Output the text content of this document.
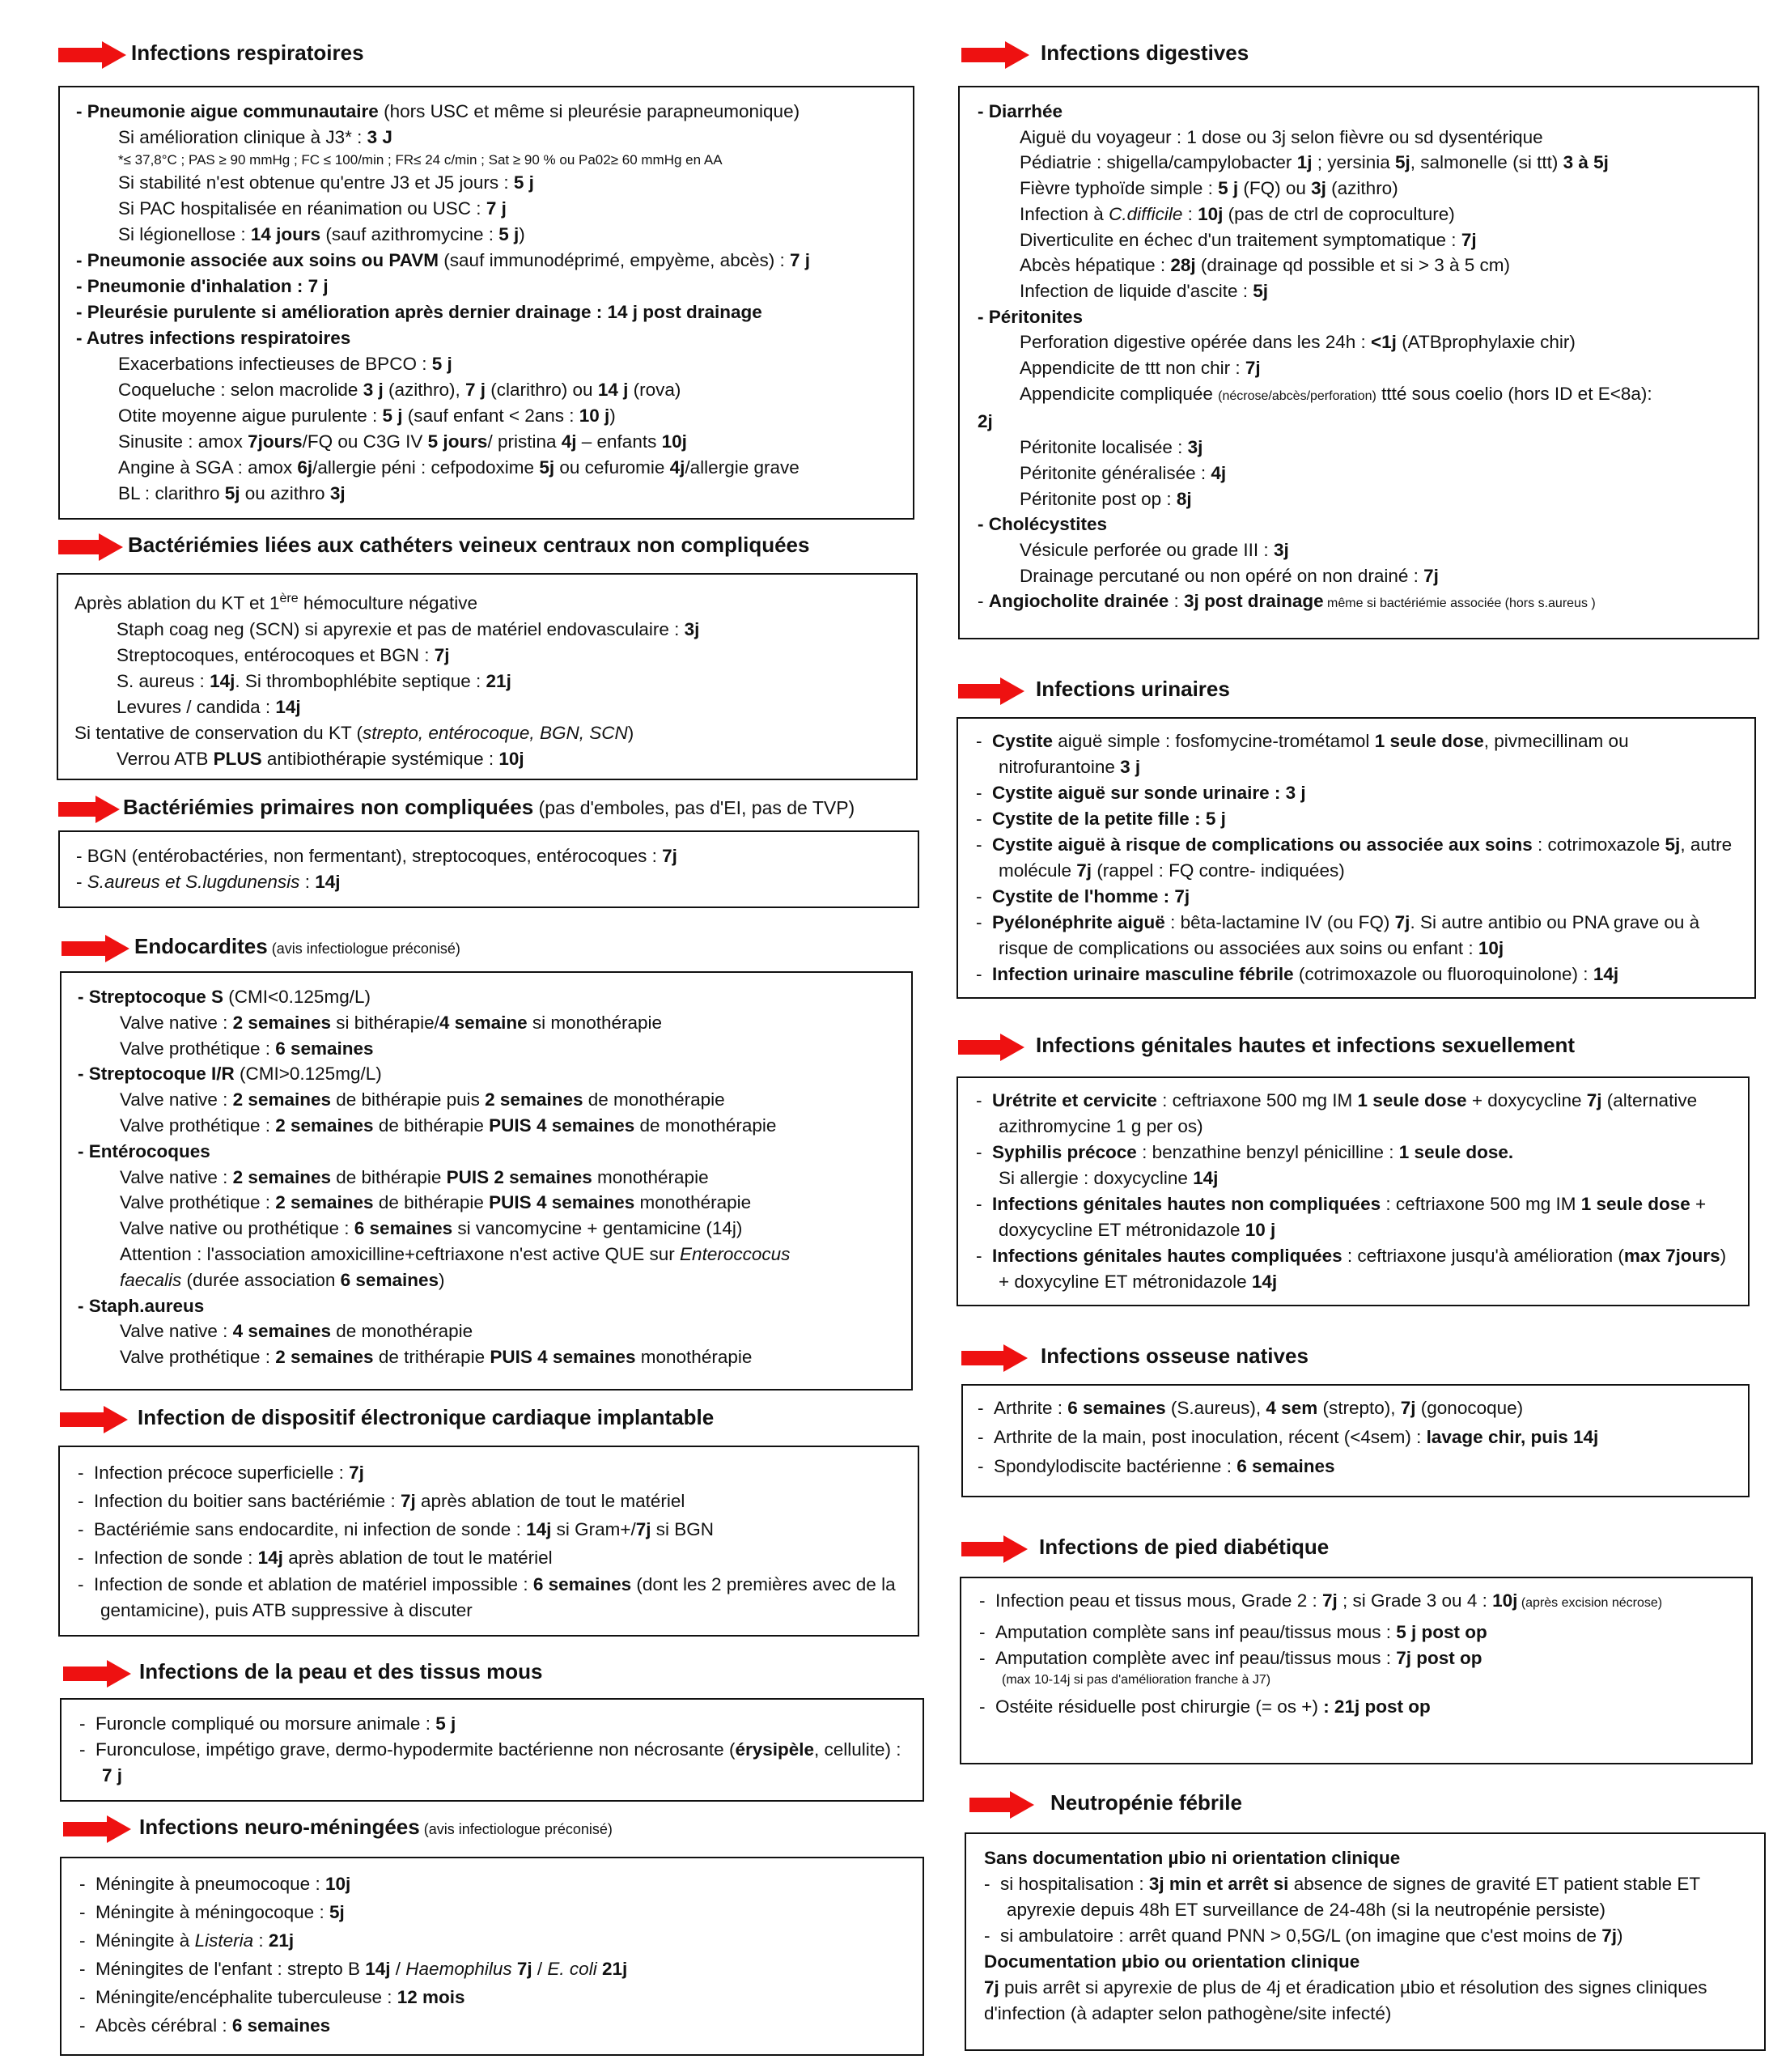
Infections respiratoires
- Pneumonie aigue communautaire (hors USC et même si pleurésie parapneumonique)
Si amélioration clinique à J3* : 3 J
*≤ 37,8°C ; PAS ≥ 90 mmHg ; FC ≤ 100/min ; FR≤ 24 c/min ; Sat ≥ 90 % ou Pa02≥ 60 mmHg en AA
Si stabilité n'est obtenue qu'entre J3 et J5 jours : 5 j
Si PAC hospitalisée en réanimation ou USC : 7 j
Si légionellose : 14 jours (sauf azithromycine : 5 j)
- Pneumonie associée aux soins ou PAVM (sauf immunodéprimé, empyème, abcès) : 7 j
- Pneumonie d'inhalation : 7 j
- Pleurésie purulente si amélioration après dernier drainage : 14 j post drainage
- Autres infections respiratoires
Exacerbations infectieuses de BPCO : 5 j
Coqueluche : selon macrolide 3 j (azithro), 7 j (clarithro) ou 14 j (rova)
Otite moyenne aigue purulente : 5 j (sauf enfant < 2ans : 10 j)
Sinusite : amox 7jours/FQ ou C3G IV 5 jours/ pristina 4j – enfants 10j
Angine à SGA : amox 6j/allergie péni : cefpodoxime 5j ou cefuromie 4j/allergie grave
BL : clarithro 5j ou azithro 3j
Bactériémies liées aux cathéters veineux centraux non compliquées
Après ablation du KT et 1ère hémoculture négative
Staph coag neg (SCN) si apyrexie et pas de matériel endovasculaire : 3j
Streptocoques, entérocoques et BGN : 7j
S. aureus : 14j. Si thrombophlébite septique : 21j
Levures / candida : 14j
Si tentative de conservation du KT (strepto, entérocoque, BGN, SCN)
Verrou ATB PLUS antibiothérapie systémique : 10j
Bactériémies primaires non compliquées (pas d'emboles, pas d'EI, pas de TVP)
- BGN (entérobactéries, non fermentant), streptocoques, entérocoques : 7j
- S.aureus et S.lugdunensis : 14j
Endocardites (avis infectiologue préconisé)
- Streptocoque S (CMI<0.125mg/L)
Valve native : 2 semaines si bithérapie/4 semaine si monothérapie
Valve prothétique : 6 semaines
- Streptocoque I/R (CMI>0.125mg/L)
Valve native : 2 semaines de bithérapie puis 2 semaines de monothérapie
Valve prothétique : 2 semaines de bithérapie PUIS 4 semaines de monothérapie
- Entérocoques
Valve native : 2 semaines de bithérapie PUIS 2 semaines monothérapie
Valve prothétique : 2 semaines de bithérapie PUIS 4 semaines monothérapie
Valve native ou prothétique : 6 semaines si vancomycine + gentamicine (14j)
Attention : l'association amoxicilline+ceftriaxone n'est active QUE sur Enteroccocus
faecalis (durée association 6 semaines)
- Staph.aureus
Valve native : 4 semaines de monothérapie
Valve prothétique : 2 semaines de trithérapie PUIS 4 semaines monothérapie
Infection de dispositif électronique cardiaque implantable
-  Infection précoce superficielle : 7j
-  Infection du boitier sans bactériémie : 7j après ablation de tout le matériel
-  Bactériémie sans endocardite, ni infection de sonde : 14j si Gram+/7j si BGN
-  Infection de sonde : 14j après ablation de tout le matériel
-  Infection de sonde et ablation de matériel impossible : 6 semaines (dont les 2 premières avec de la gentamicine), puis ATB suppressive à discuter
Infections de la peau et des tissus mous
-  Furoncle compliqué ou morsure animale : 5 j
-  Furonculose, impétigo grave, dermo-hypodermite bactérienne non nécrosante (érysipèle, cellulite) : 7 j
Infections neuro-méningées (avis infectiologue préconisé)
-  Méningite à pneumocoque : 10j
-  Méningite à méningocoque : 5j
-  Méningite à Listeria : 21j
-  Méningites de l'enfant : strepto B 14j / Haemophilus 7j / E. coli 21j
-  Méningite/encéphalite tuberculeuse : 12 mois
-  Abcès cérébral : 6 semaines
Infections digestives
- Diarrhée
Aiguë du voyageur : 1 dose ou 3j selon fièvre ou sd dysentérique
Pédiatrie : shigella/campylobacter 1j ; yersinia 5j, salmonelle (si ttt) 3 à 5j
Fièvre typhoïde simple : 5 j (FQ) ou 3j (azithro)
Infection à C.difficile : 10j (pas de ctrl de coproculture)
Diverticulite en échec d'un traitement symptomatique : 7j
Abcès hépatique : 28j (drainage qd possible et si > 3 à 5 cm)
Infection de liquide d'ascite : 5j
- Péritonites
Perforation digestive opérée dans les 24h : <1j (ATBprophylaxie chir)
Appendicite de ttt non chir : 7j
Appendicite compliquée (nécrose/abcès/perforation) ttté sous coelio (hors ID et E<8a):
2j
Péritonite localisée : 3j
Péritonite généralisée : 4j
Péritonite post op : 8j
- Cholécystites
Vésicule perforée ou grade III : 3j
Drainage percutané ou non opéré on non drainé : 7j
- Angiocholite drainée : 3j post drainage même si bactériémie associée (hors s.aureus )
Infections urinaires
-  Cystite aiguë simple : fosfomycine-trométamol 1 seule dose, pivmecillinam ou nitrofurantoine 3 j
-  Cystite aiguë sur sonde urinaire : 3 j
-  Cystite de la petite fille : 5 j
-  Cystite aiguë à risque de complications ou associée aux soins : cotrimoxazole 5j, autre molécule 7j (rappel : FQ contre- indiquées)
-  Cystite de l'homme : 7j
-  Pyélonéphrite aiguë : bêta-lactamine IV (ou FQ) 7j. Si autre antibio ou PNA grave ou à risque de complications ou associées aux soins ou enfant : 10j
-  Infection urinaire masculine fébrile (cotrimoxazole ou fluoroquinolone) : 14j
Infections génitales hautes et infections sexuellement
-  Urétrite et cervicite : ceftriaxone 500 mg IM 1 seule dose + doxycycline 7j (alternative azithromycine 1 g per os)
-  Syphilis précoce : benzathine benzyl pénicilline : 1 seule dose.
Si allergie : doxycycline 14j
-  Infections génitales hautes non compliquées : ceftriaxone 500 mg IM 1 seule dose + doxycycline ET métronidazole 10 j
-  Infections génitales hautes compliquées : ceftriaxone jusqu'à amélioration (max 7jours) + doxycyline ET métronidazole 14j
Infections osseuse natives
-  Arthrite : 6 semaines (S.aureus), 4 sem (strepto), 7j (gonocoque)
-  Arthrite de la main, post inoculation, récent (<4sem) : lavage chir, puis 14j
-  Spondylodiscite bactérienne : 6 semaines
Infections de pied diabétique
-  Infection peau et tissus mous, Grade 2 : 7j ; si Grade 3 ou 4 : 10j (après excision nécrose)
-  Amputation complète sans inf peau/tissus mous : 5 j post op
-  Amputation complète avec inf peau/tissus mous : 7j post op
(max 10-14j si pas d'amélioration franche à J7)
-  Ostéite résiduelle post chirurgie (= os +) : 21j post op
Neutropénie fébrile
Sans documentation µbio ni orientation clinique
-  si hospitalisation : 3j min et arrêt si absence de signes de gravité ET patient stable ET apyrexie depuis 48h ET surveillance de 24-48h (si la neutropénie persiste)
-  si ambulatoire : arrêt quand PNN > 0,5G/L (on imagine que c'est moins de 7j)
Documentation µbio ou orientation clinique
7j puis arrêt si apyrexie de plus de 4j et éradication µbio et résolution des signes cliniques d'infection (à adapter selon pathogène/site infecté)
